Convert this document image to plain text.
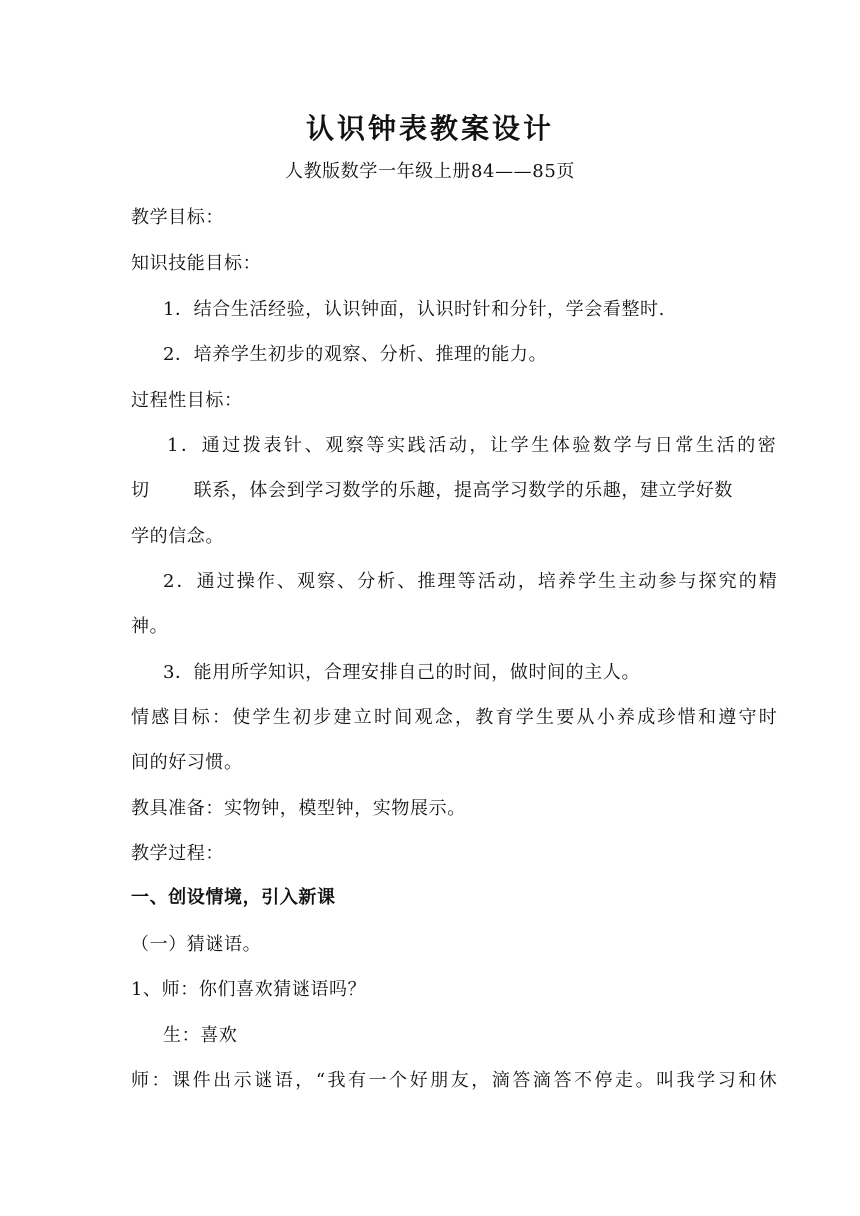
认识钟表教案设计
人教版数学一年级上册84——85页
教学目标：
知识技能目标：
1．结合生活经验，认识钟面，认识时针和分针，学会看整时.
2．培养学生初步的观察、分析、推理的能力。
过程性目标：
1．通过拨表针、观察等实践活动，让学生体验数学与日常生活的密
切 联系，体会到学习数学的乐趣，提高学习数学的乐趣，建立学好数
学的信念。
2．通过操作、观察、分析、推理等活动，培养学生主动参与探究的精
神。
3．能用所学知识，合理安排自己的时间，做时间的主人。
情感目标：使学生初步建立时间观念，教育学生要从小养成珍惜和遵守时
间的好习惯。
教具准备：实物钟，模型钟，实物展示。
教学过程：
一、创设情境，引入新课
（一）猜谜语。
1、师：你们喜欢猜谜语吗？
生：喜欢
师：课件出示谜语，“我有一个好朋友，滴答滴答不停走。叫我学习和休
